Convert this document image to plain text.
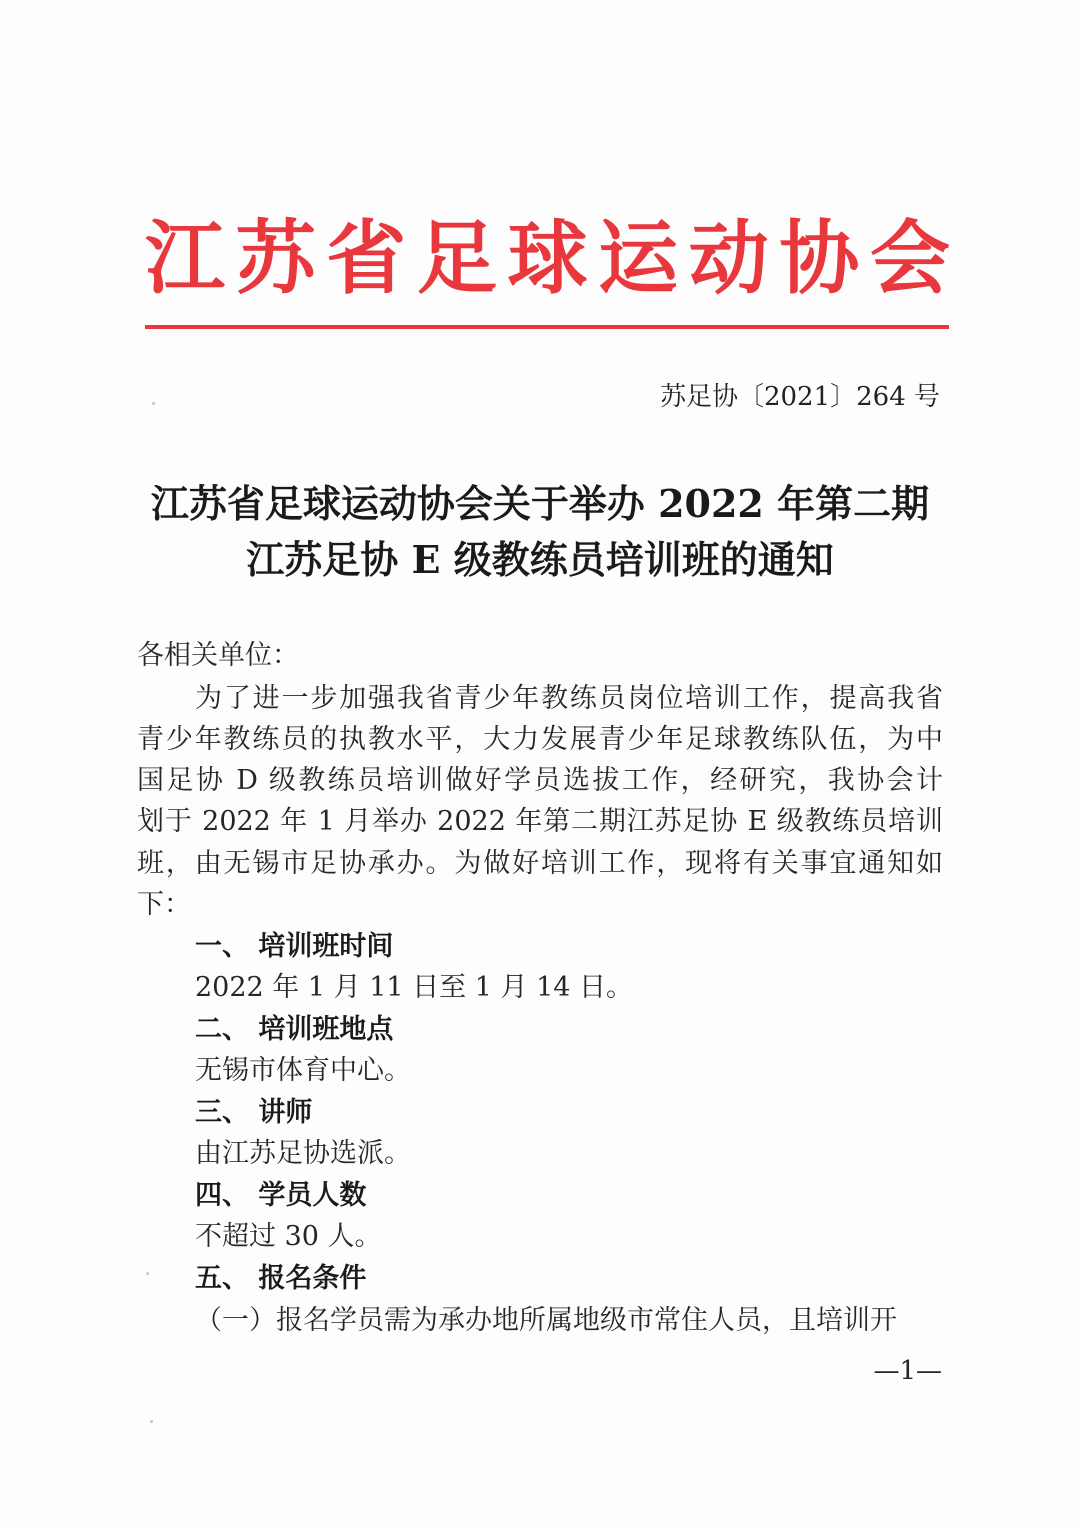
江 苏 省 足 球 运 动 协 会
苏足协〔2021〕264 号
江苏省足球运动协会关于举办 2022 年第二期
江苏足协 E 级教练员培训班的通知
各相关单位：
为了进一步加强我省青少年教练员岗位培训工作，提高我省
青少年教练员的执教水平，大力发展青少年足球教练队伍，为中
国足协 D 级教练员培训做好学员选拔工作，经研究，我协会计
划于 2022 年 1 月举办 2022 年第二期江苏足协 E 级教练员培训
班，由无锡市足协承办。为做好培训工作，现将有关事宜通知如
下：
一、 培训班时间
2022 年 1 月 11 日至 1 月 14 日。
二、 培训班地点
无锡市体育中心。
三、 讲师
由江苏足协选派。
四、 学员人数
不超过 30 人。
五、 报名条件
（一）报名学员需为承办地所属地级市常住人员，且培训开
—1—
